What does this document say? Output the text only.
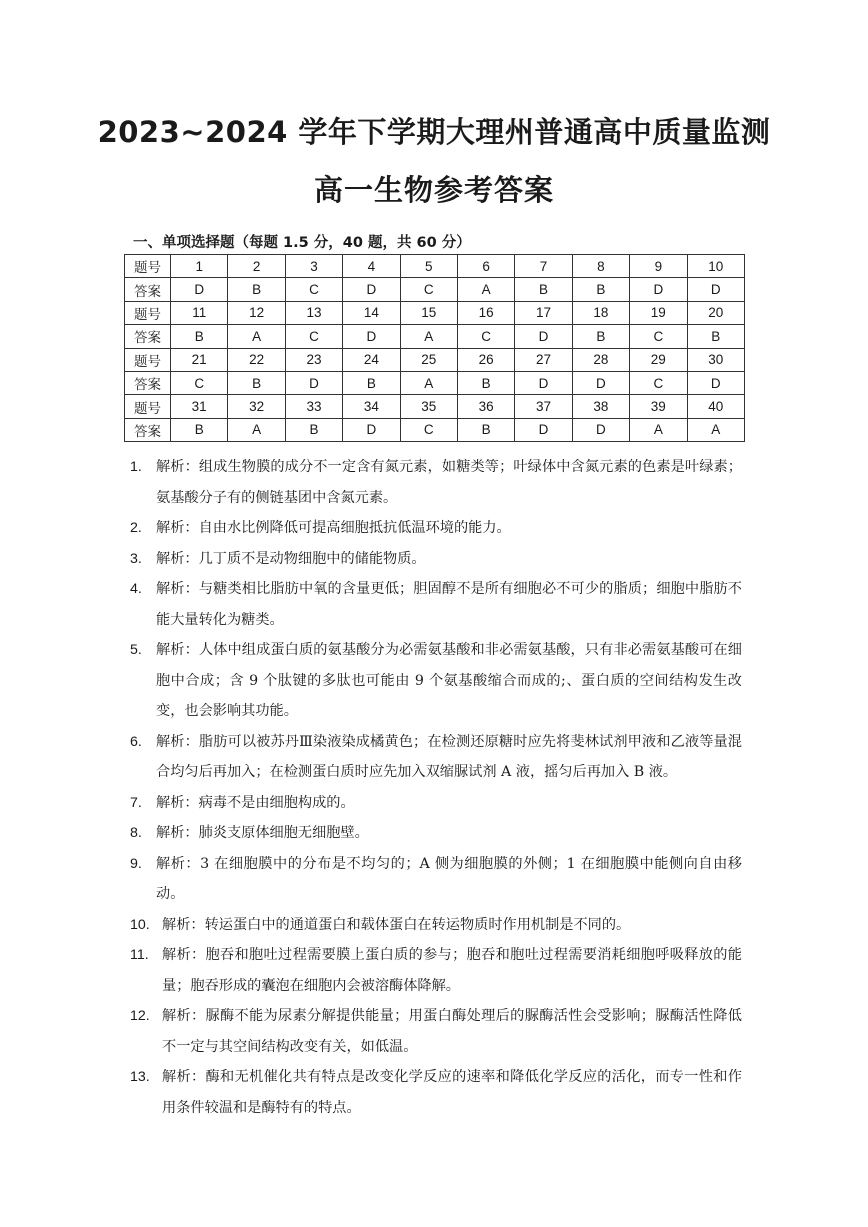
2023~2024 学年下学期大理州普通高中质量监测
高一生物参考答案
一、单项选择题（每题 1.5 分，40 题，共 60 分）
题号	1	2	3	4	5	6	7	8	9	10
答案	D	B	C	D	C	A	B	B	D	D
题号	11	12	13	14	15	16	17	18	19	20
答案	B	A	C	D	A	C	D	B	C	B
题号	21	22	23	24	25	26	27	28	29	30
答案	C	B	D	B	A	B	D	D	C	D
题号	31	32	33	34	35	36	37	38	39	40
答案	B	A	B	D	C	B	D	D	A	A
1. 解析：组成生物膜的成分不一定含有氮元素，如糖类等；叶绿体中含氮元素的色素是叶绿素；氨基酸分子有的侧链基团中含氮元素。
2. 解析：自由水比例降低可提高细胞抵抗低温环境的能力。
3. 解析：几丁质不是动物细胞中的储能物质。
4. 解析：与糖类相比脂肪中氧的含量更低；胆固醇不是所有细胞必不可少的脂质；细胞中脂肪不能大量转化为糖类。
5. 解析：人体中组成蛋白质的氨基酸分为必需氨基酸和非必需氨基酸，只有非必需氨基酸可在细胞中合成；含 9 个肽键的多肽也可能由 9 个氨基酸缩合而成的;、蛋白质的空间结构发生改变，也会影响其功能。
6. 解析：脂肪可以被苏丹Ⅲ染液染成橘黄色；在检测还原糖时应先将斐林试剂甲液和乙液等量混合均匀后再加入；在检测蛋白质时应先加入双缩脲试剂 A 液，摇匀后再加入 B 液。
7. 解析：病毒不是由细胞构成的。
8. 解析：肺炎支原体细胞无细胞壁。
9. 解析：3 在细胞膜中的分布是不均匀的；A 侧为细胞膜的外侧；1 在细胞膜中能侧向自由移动。
10. 解析：转运蛋白中的通道蛋白和载体蛋白在转运物质时作用机制是不同的。
11. 解析：胞吞和胞吐过程需要膜上蛋白质的参与；胞吞和胞吐过程需要消耗细胞呼吸释放的能量；胞吞形成的囊泡在细胞内会被溶酶体降解。
12. 解析：脲酶不能为尿素分解提供能量；用蛋白酶处理后的脲酶活性会受影响；脲酶活性降低不一定与其空间结构改变有关，如低温。
13. 解析：酶和无机催化共有特点是改变化学反应的速率和降低化学反应的活化，而专一性和作用条件较温和是酶特有的特点。
